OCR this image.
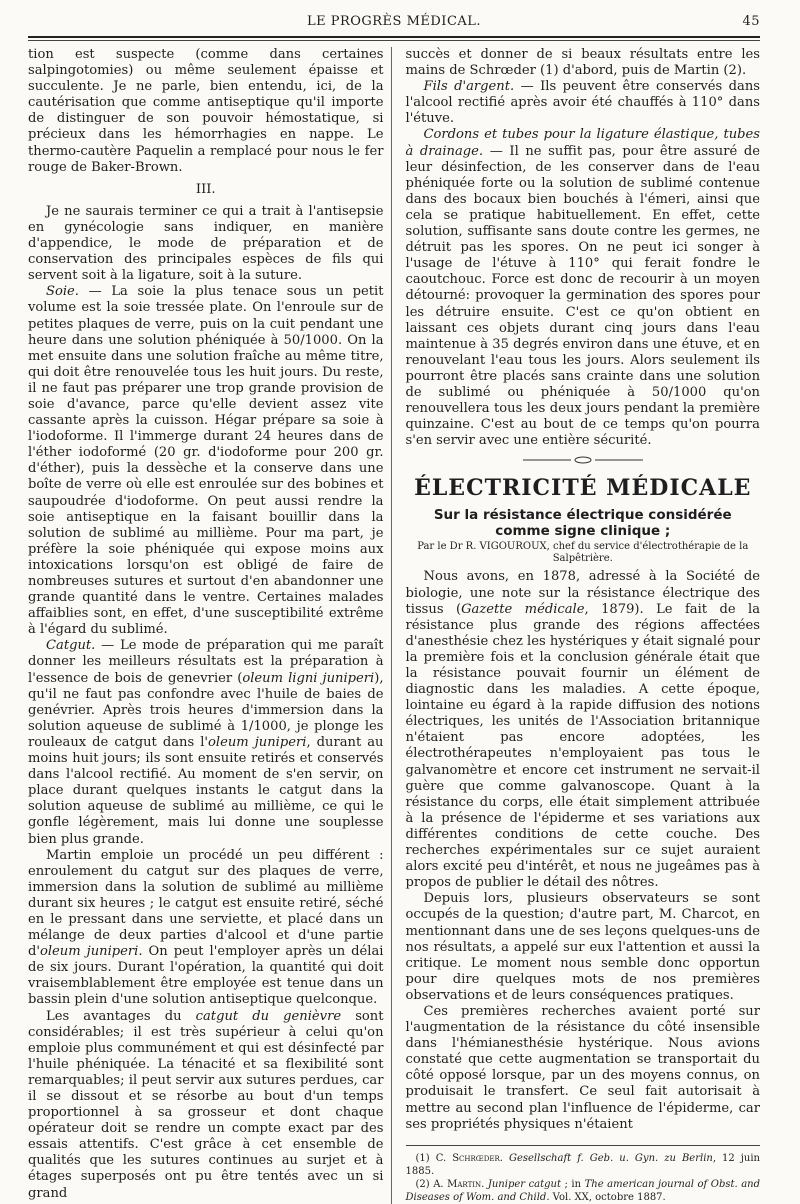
LE PROGRÈS MÉDICAL.	45

tion est suspecte (comme dans certaines salpingotomies) ou même seulement épaisse et succulente. Je ne parle, bien entendu, ici, de la cautérisation que comme antiseptique qu'il importe de distinguer de son pouvoir hémostatique, si précieux dans les hémorrhagies en nappe. Le thermo-cautère Paquelin a remplacé pour nous le fer rouge de Baker-Brown.

III.

Je ne saurais terminer ce qui a trait à l'antisepsie en gynécologie sans indiquer, en manière d'appendice, le mode de préparation et de conservation des principales espèces de fils qui servent soit à la ligature, soit à la suture.

Soie. — La soie la plus tenace sous un petit volume est la soie tressée plate. On l'enroule sur de petites plaques de verre, puis on la cuit pendant une heure dans une solution phéniquée à 50/1000. On la met ensuite dans une solution fraîche au même titre, qui doit être renouvelée tous les huit jours. Du reste, il ne faut pas préparer une trop grande provision de soie d'avance, parce qu'elle devient assez vite cassante après la cuisson. Hégar prépare sa soie à l'iodoforme. Il l'immerge durant 24 heures dans de l'éther iodoformé (20 gr. d'iodoforme pour 200 gr. d'éther), puis la dessèche et la conserve dans une boîte de verre où elle est enroulée sur des bobines et saupoudrée d'iodoforme. On peut aussi rendre la soie antiseptique en la faisant bouillir dans la solution de sublimé au millième. Pour ma part, je préfère la soie phéniquée qui expose moins aux intoxications lorsqu'on est obligé de faire de nombreuses sutures et surtout d'en abandonner une grande quantité dans le ventre. Certaines malades affaiblies sont, en effet, d'une susceptibilité extrême à l'égard du sublimé.

Catgut. — Le mode de préparation qui me paraît donner les meilleurs résultats est la préparation à l'essence de bois de genevrier (oleum ligni juniperi), qu'il ne faut pas confondre avec l'huile de baies de genévrier. Après trois heures d'immersion dans la solution aqueuse de sublimé à 1/1000, je plonge les rouleaux de catgut dans l'oleum juniperi, durant au moins huit jours; ils sont ensuite retirés et conservés dans l'alcool rectifié. Au moment de s'en servir, on place durant quelques instants le catgut dans la solution aqueuse de sublimé au millième, ce qui le gonfle légèrement, mais lui donne une souplesse bien plus grande.

Martin emploie un procédé un peu différent : enroulement du catgut sur des plaques de verre, immersion dans la solution de sublimé au millième durant six heures ; le catgut est ensuite retiré, séché en le pressant dans une serviette, et placé dans un mélange de deux parties d'alcool et d'une partie d'oleum juniperi. On peut l'employer après un délai de six jours. Durant l'opération, la quantité qui doit vraisemblablement être employée est tenue dans un bassin plein d'une solution antiseptique quelconque.

Les avantages du catgut du genièvre sont considérables; il est très supérieur à celui qu'on emploie plus communément et qui est désinfecté par l'huile phéniquée. La ténacité et sa flexibilité sont remarquables; il peut servir aux sutures perdues, car il se dissout et se résorbe au bout d'un temps proportionnel à sa grosseur et dont chaque opérateur doit se rendre un compte exact par des essais attentifs. C'est grâce à cet ensemble de qualités que les sutures continues au surjet et à étages superposés ont pu être tentés avec un si grand

succès et donner de si beaux résultats entre les mains de Schrœder (1) d'abord, puis de Martin (2).

Fils d'argent. — Ils peuvent être conservés dans l'alcool rectifié après avoir été chauffés à 110° dans l'étuve.

Cordons et tubes pour la ligature élastique, tubes à drainage. — Il ne suffit pas, pour être assuré de leur désinfection, de les conserver dans de l'eau phéniquée forte ou la solution de sublimé contenue dans des bocaux bien bouchés à l'émeri, ainsi que cela se pratique habituellement. En effet, cette solution, suffisante sans doute contre les germes, ne détruit pas les spores. On ne peut ici songer à l'usage de l'étuve à 110° qui ferait fondre le caoutchouc. Force est donc de recourir à un moyen détourné: provoquer la germination des spores pour les détruire ensuite. C'est ce qu'on obtient en laissant ces objets durant cinq jours dans l'eau maintenue à 35 degrés environ dans une étuve, et en renouvelant l'eau tous les jours. Alors seulement ils pourront être placés sans crainte dans une solution de sublimé ou phéniquée à 50/1000 qu'on renouvellera tous les deux jours pendant la première quinzaine. C'est au bout de ce temps qu'on pourra s'en servir avec une entière sécurité.

ÉLECTRICITÉ MÉDICALE
Sur la résistance électrique considérée comme signe clinique ;
Par le Dr R. VIGOUROUX, chef du service d'électrothérapie de la Salpêtrière.

Nous avons, en 1878, adressé à la Société de biologie, une note sur la résistance électrique des tissus (Gazette médicale, 1879). Le fait de la résistance plus grande des régions affectées d'anesthésie chez les hystériques y était signalé pour la première fois et la conclusion générale était que la résistance pouvait fournir un élément de diagnostic dans les maladies. A cette époque, lointaine eu égard à la rapide diffusion des notions électriques, les unités de l'Association britannique n'étaient pas encore adoptées, les électrothérapeutes n'employaient pas tous le galvanomètre et encore cet instrument ne servait-il guère que comme galvanoscope. Quant à la résistance du corps, elle était simplement attribuée à la présence de l'épiderme et ses variations aux différentes conditions de cette couche. Des recherches expérimentales sur ce sujet auraient alors excité peu d'intérêt, et nous ne jugeâmes pas à propos de publier le détail des nôtres.

Depuis lors, plusieurs observateurs se sont occupés de la question; d'autre part, M. Charcot, en mentionnant dans une de ses leçons quelques-uns de nos résultats, a appelé sur eux l'attention et aussi la critique. Le moment nous semble donc opportun pour dire quelques mots de nos premières observations et de leurs conséquences pratiques.

Ces premières recherches avaient porté sur l'augmentation de la résistance du côté insensible dans l'hémianesthésie hystérique. Nous avions constaté que cette augmentation se transportait du côté opposé lorsque, par un des moyens connus, on produisait le transfert. Ce seul fait autorisait à mettre au second plan l'influence de l'épiderme, car ses propriétés physiques n'étaient

(1) C. Schrœder. Gesellschaft f. Geb. u. Gyn. zu Berlin, 12 juin 1885.
(2) A. Martin. Juniper catgut ; in The american journal of Obst. and Diseases of Wom. and Child. Vol. XX, octobre 1887.
